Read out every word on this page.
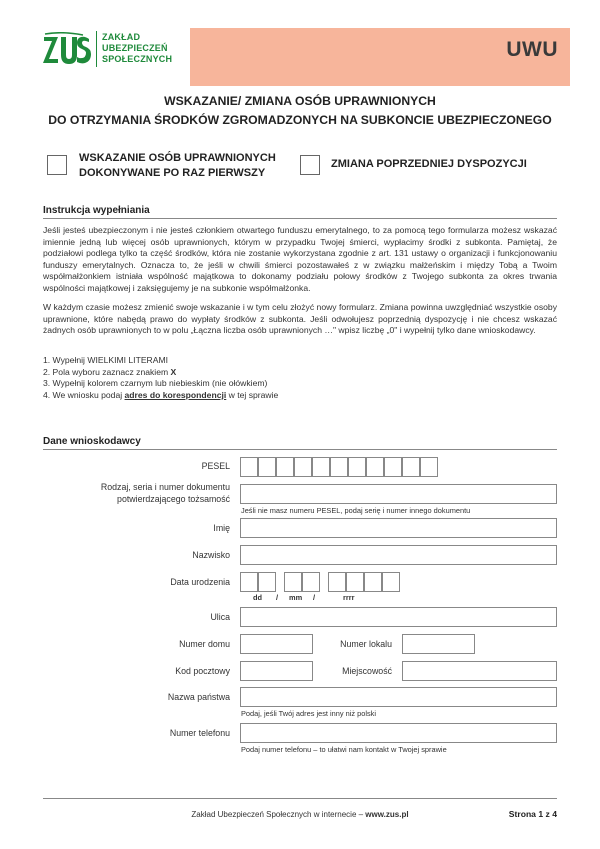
UWU
ZAKŁAD
UBEZPIECZEŃ
SPOŁECZNYCH
WSKAZANIE/ ZMIANA OSÓB UPRAWNIONYCH
DO OTRZYMANIA ŚRODKÓW ZGROMADZONYCH NA SUBKONCIE UBEZPIECZONEGO
WSKAZANIE OSÓB UPRAWNIONYCH
DOKONYWANE PO RAZ PIERWSZY
ZMIANA POPRZEDNIEJ DYSPOZYCJI
Instrukcja wypełniania
Jeśli jesteś ubezpieczonym i nie jesteś członkiem otwartego funduszu emerytalnego, to za pomocą tego formularza możesz wskazać imiennie jedną lub więcej osób uprawnionych, którym w przypadku Twojej śmierci, wypłacimy środki z subkonta. Pamiętaj, że podziałowi podlega tylko ta część środków, która nie zostanie wykorzystana zgodnie z art. 131 ustawy o organizacji i funkcjonowaniu funduszy emerytalnych. Oznacza to, że jeśli w chwili śmierci pozostawałeś z w związku małżeńskim i między Tobą a Twoim współmałżonkiem istniała wspólność majątkowa to dokonamy podziału połowy środków z Twojego subkonta za okres trwania wspólności majątkowej i zaksięgujemy je na subkonie współmałżonka.
W każdym czasie możesz zmienić swoje wskazanie i w tym celu złożyć nowy formularz. Zmiana powinna uwzględniać wszystkie osoby uprawnione, które nabędą prawo do wypłaty środków z subkonta. Jeśli odwołujesz poprzednią dyspozycję i nie chcesz wskazać żadnych osób uprawnionych to w polu „Łączna liczba osób uprawnionych …" wpisz liczbę „0" i wypełnij tylko dane wnioskodawcy.
1. Wypełnij WIELKIMI LITERAMI
2. Pola wyboru zaznacz znakiem X
3. Wypełnij kolorem czarnym lub niebieskim (nie ołówkiem)
4. We wniosku podaj adres do korespondencji w tej sprawie
Dane wnioskodawcy
PESEL
Rodzaj, seria i numer dokumentu
potwierdzającego tożsamość
Jeśli nie masz numeru PESEL, podaj serię i numer innego dokumentu
Imię
Nazwisko
Data urodzenia
dd / mm /	rrrr
Ulica
Numer domu	Numer lokalu
Kod pocztowy	Miejscowość
Nazwa państwa
Podaj, jeśli Twój adres jest inny niż polski
Numer telefonu
Podaj numer telefonu – to ułatwi nam kontakt w Twojej sprawie
Zakład Ubezpieczeń Społecznych w internecie – www.zus.pl	Strona 1 z 4
